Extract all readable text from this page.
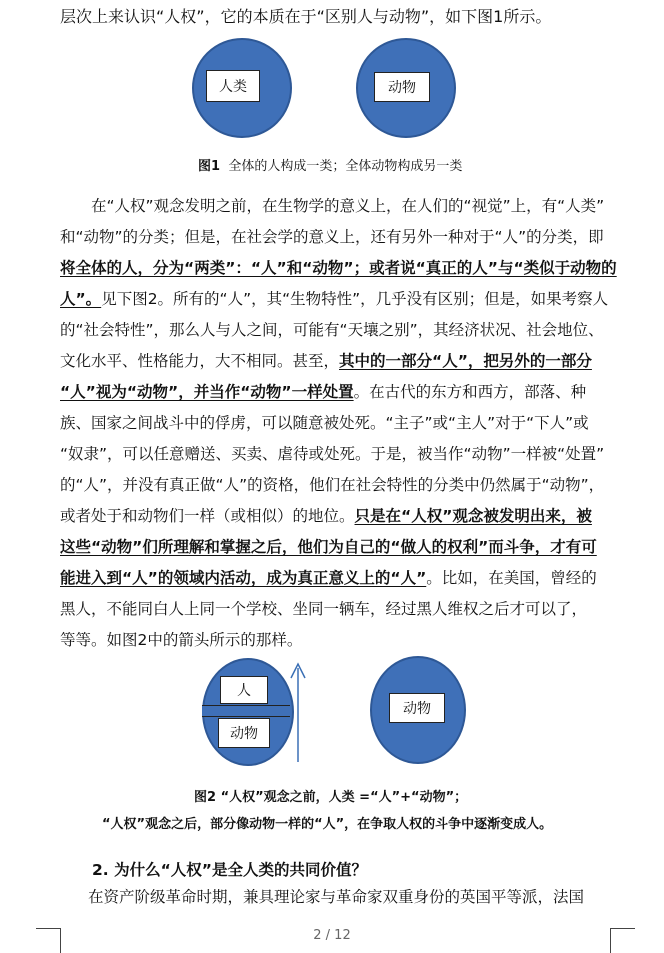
层次上来认识“人权”，它的本质在于“区别人与动物”，如下图1所示。
人类	动物
图1 全体的人构成一类；全体动物构成另一类
  在“人权”观念发明之前，在生物学的意义上，在人们的“视觉”上，有“人类”
和“动物”的分类；但是，在社会学的意义上，还有另外一种对于“人”的分类，即
将全体的人，分为“两类”：“人”和“动物”；或者说“真正的人”与“类似于动物的
人”。见下图2。所有的“人”，其“生物特性”，几乎没有区别；但是，如果考察人
的“社会特性”，那么人与人之间，可能有“天壤之别”，其经济状况、社会地位、
文化水平、性格能力，大不相同。甚至，其中的一部分“人”，把另外的一部分
“人”视为“动物”，并当作“动物”一样处置。在古代的东方和西方，部落、种
族、国家之间战斗中的俘虏，可以随意被处死。“主子”或“主人”对于“下人”或
“奴隶”，可以任意赠送、买卖、虐待或处死。于是，被当作“动物”一样被“处置”
的“人”，并没有真正做“人”的资格，他们在社会特性的分类中仍然属于“动物”，
或者处于和动物们一样（或相似）的地位。只是在“人权”观念被发明出来，被
这些“动物”们所理解和掌握之后，他们为自己的“做人的权利”而斗争，才有可
能进入到“人”的领域内活动，成为真正意义上的“人”。比如，在美国，曾经的
黑人，不能同白人上同一个学校、坐同一辆车，经过黑人维权之后才可以了，
等等。如图2中的箭头所示的那样。
人
动物
动物
图2 “人权”观念之前，人类 =“人”+“动物”；
“人权”观念之后，部分像动物一样的“人”，在争取人权的斗争中逐渐变成人。
2. 为什么“人权”是全人类的共同价值？
在资产阶级革命时期，兼具理论家与革命家双重身份的英国平等派，法国
2 / 12
